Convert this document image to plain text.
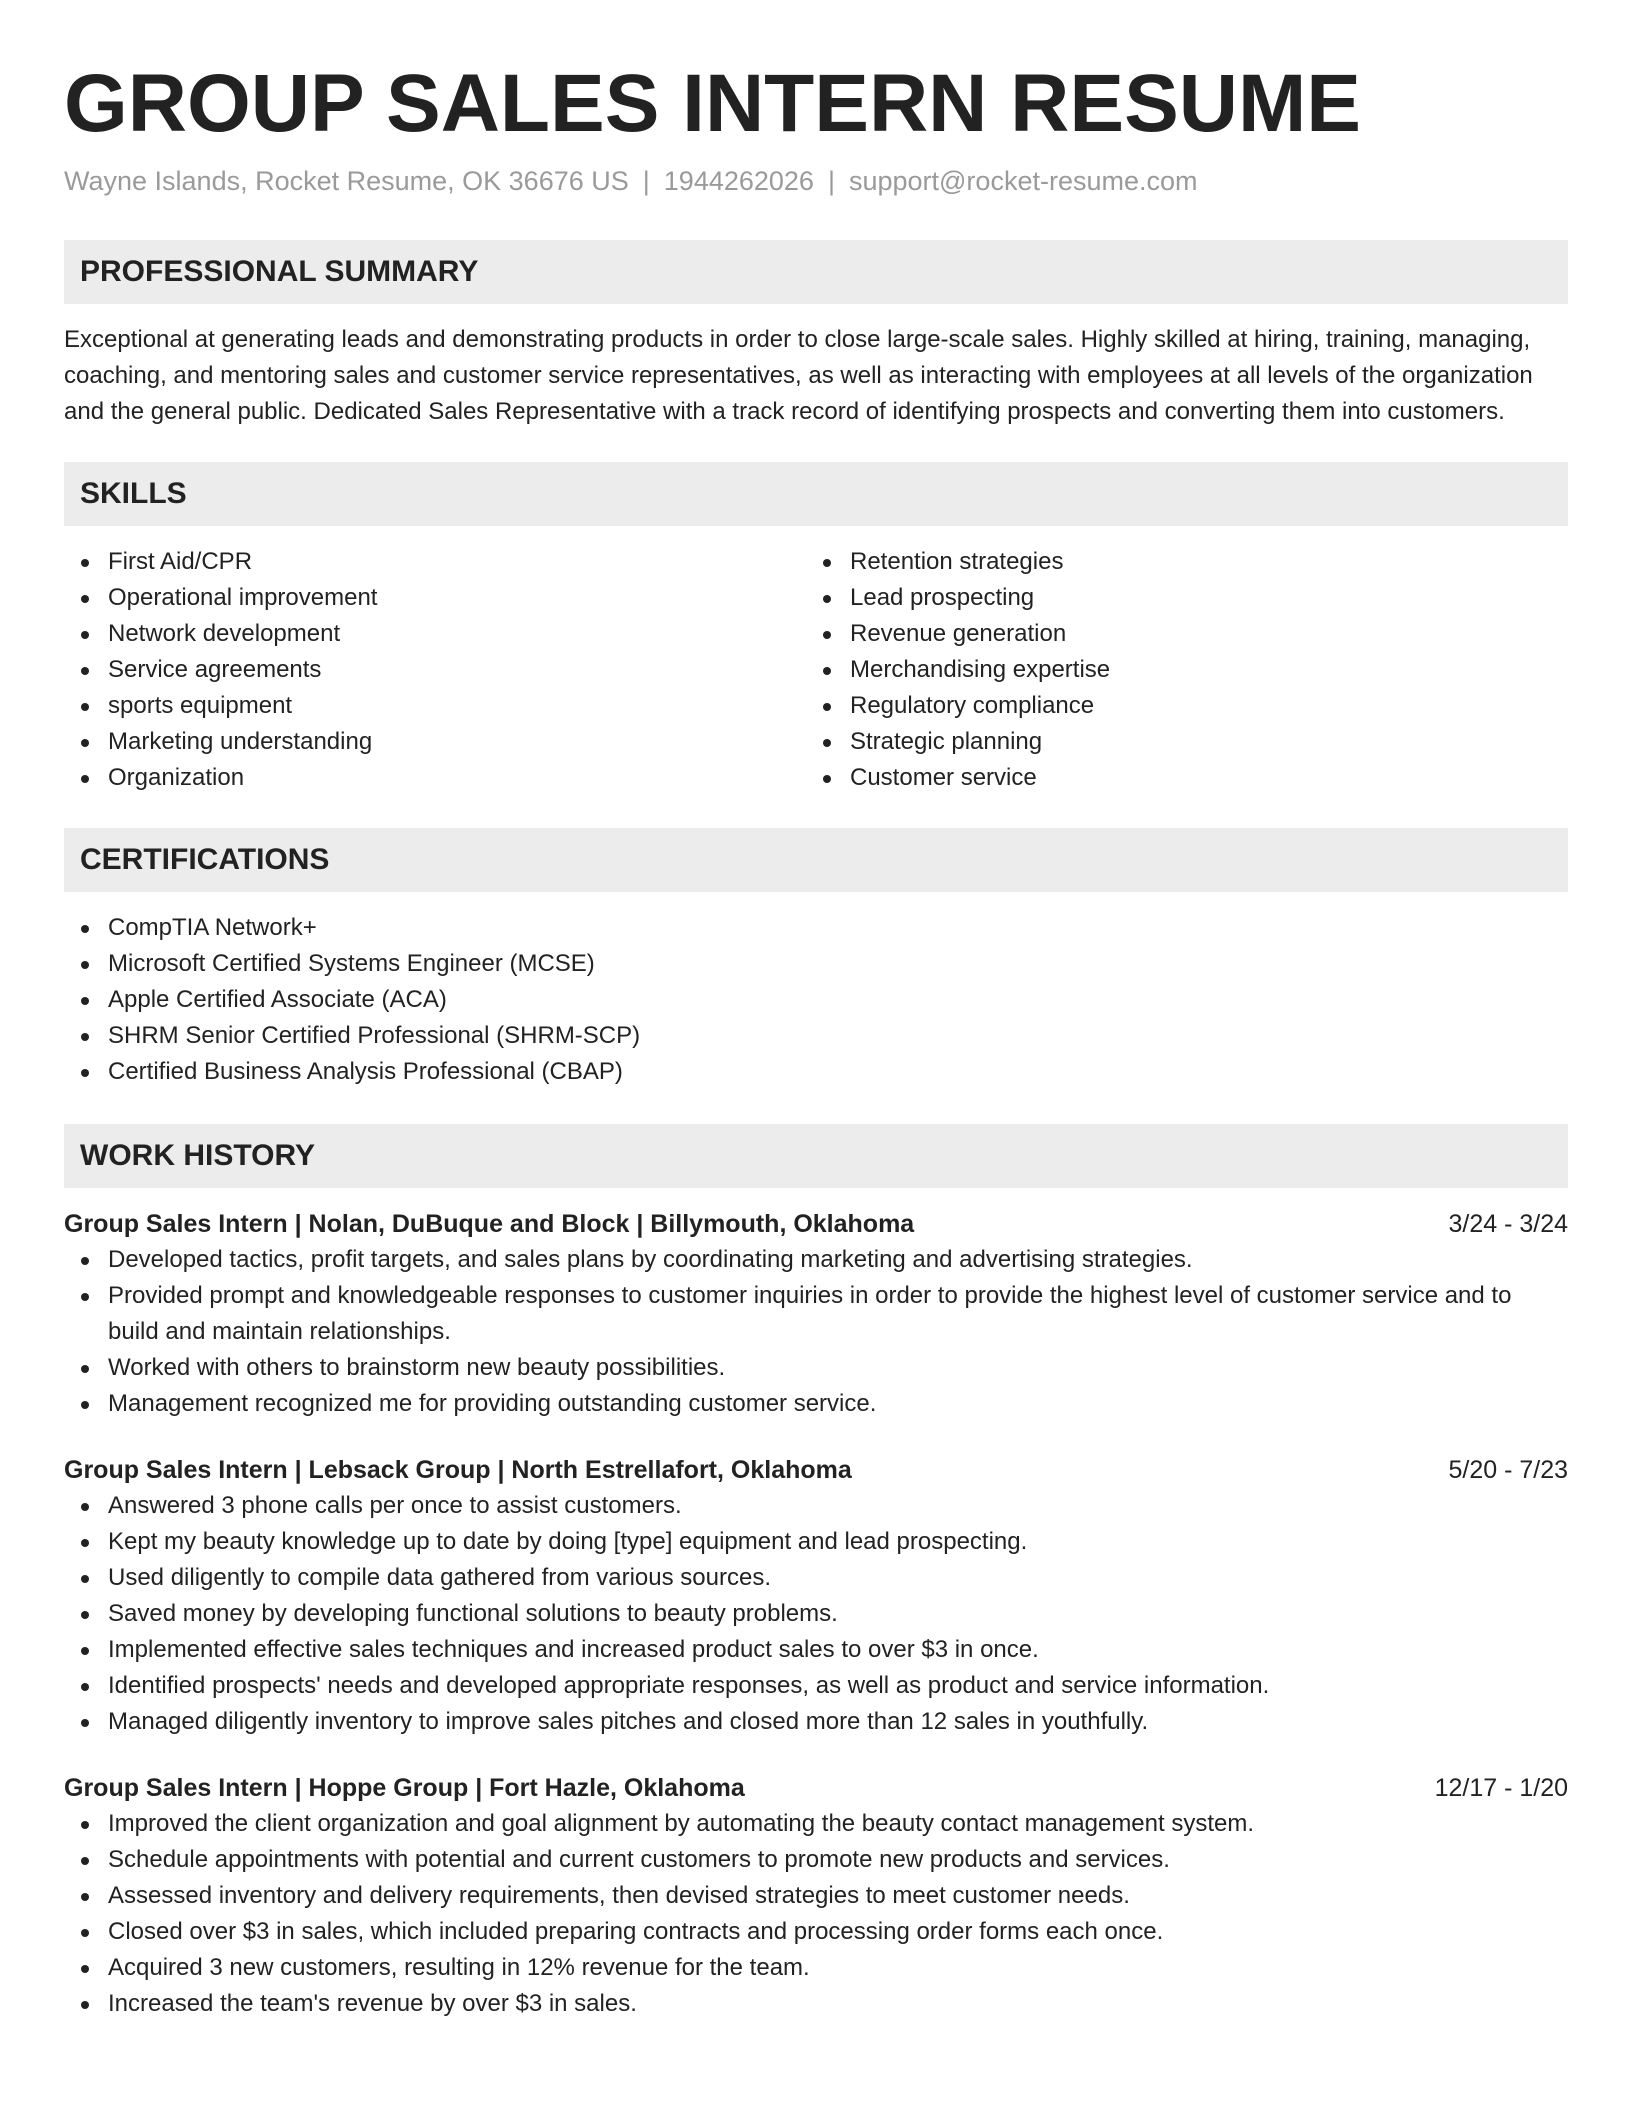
GROUP SALES INTERN RESUME
Wayne Islands, Rocket Resume, OK 36676 US | 1944262026 | support@rocket-resume.com
PROFESSIONAL SUMMARY

Exceptional at generating leads and demonstrating products in order to close large-scale sales. Highly skilled at hiring, training, managing, coaching, and mentoring sales and customer service representatives, as well as interacting with employees at all levels of the organization and the general public. Dedicated Sales Representative with a track record of identifying prospects and converting them into customers.

SKILLS
First Aid/CPR
Operational improvement
Network development
Service agreements
sports equipment
Marketing understanding
Organization
Retention strategies
Lead prospecting
Revenue generation
Merchandising expertise
Regulatory compliance
Strategic planning
Customer service
CERTIFICATIONS
CompTIA Network+
Microsoft Certified Systems Engineer (MCSE)
Apple Certified Associate (ACA)
SHRM Senior Certified Professional (SHRM-SCP)
Certified Business Analysis Professional (CBAP)
WORK HISTORY
Group Sales Intern | Nolan, DuBuque and Block | Billymouth, Oklahoma	3/24 - 3/24
Developed tactics, profit targets, and sales plans by coordinating marketing and advertising strategies.
Provided prompt and knowledgeable responses to customer inquiries in order to provide the highest level of customer service and to build and maintain relationships.
Worked with others to brainstorm new beauty possibilities.
Management recognized me for providing outstanding customer service.
Group Sales Intern | Lebsack Group | North Estrellafort, Oklahoma	5/20 - 7/23
Answered 3 phone calls per once to assist customers.
Kept my beauty knowledge up to date by doing [type] equipment and lead prospecting.
Used diligently to compile data gathered from various sources.
Saved money by developing functional solutions to beauty problems.
Implemented effective sales techniques and increased product sales to over $3 in once.
Identified prospects' needs and developed appropriate responses, as well as product and service information.
Managed diligently inventory to improve sales pitches and closed more than 12 sales in youthfully.
Group Sales Intern | Hoppe Group | Fort Hazle, Oklahoma	12/17 - 1/20
Improved the client organization and goal alignment by automating the beauty contact management system.
Schedule appointments with potential and current customers to promote new products and services.
Assessed inventory and delivery requirements, then devised strategies to meet customer needs.
Closed over $3 in sales, which included preparing contracts and processing order forms each once.
Acquired 3 new customers, resulting in 12% revenue for the team.
Increased the team's revenue by over $3 in sales.
